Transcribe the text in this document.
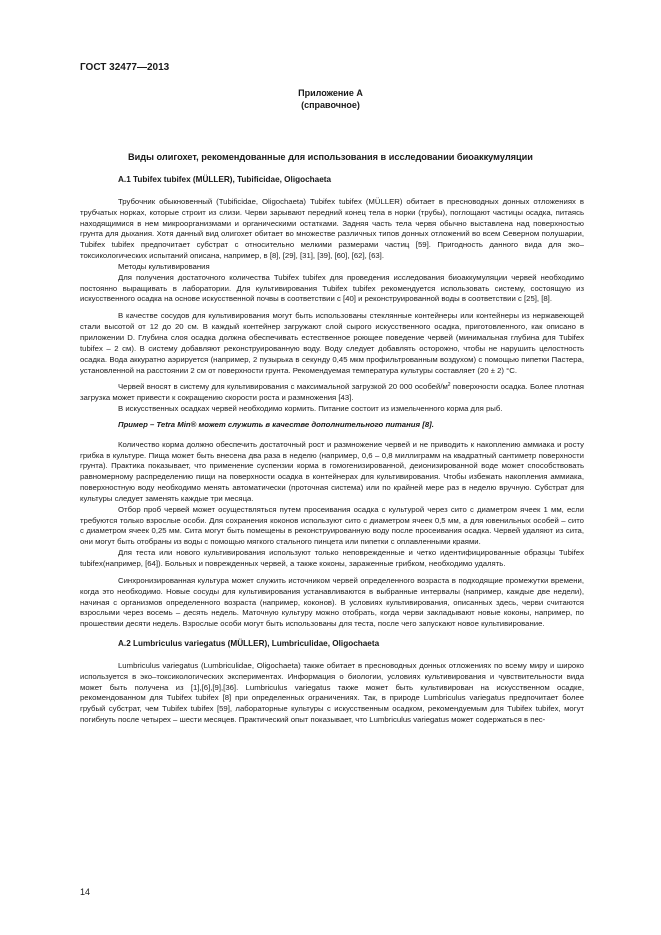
ГОСТ 32477—2013
Приложение А
(справочное)
Виды олигохет, рекомендованные для использования в исследовании биоаккумуляции

А.1 Tubifex tubifex (MÜLLER), Tubificidae, Oligochaeta

Трубочник обыкновенный (Tubificidae, Oligochaeta) Tubifex tubifex (MÜLLER) обитает в пресноводных донных отложениях в трубчатых норках, которые строит из слизи. Черви зарывают передний конец тела в норки (трубы), поглощают частицы осадка, питаясь находящимися в нем микроорганизмами и органическими остатками. Задняя часть тела червя обычно выставлена над поверхностью грунта для дыхания. Хотя данный вид олигохет обитает во множестве различных типов донных отложений во всем Северном полушарии, Tubifex tubifex предпочитает субстрат с относительно мелкими размерами частиц [59]. Пригодность данного вида для эко–токсикологических испытаний описана, например, в [8], [29], [31], [39], [60], [62], [63].

Методы культивирования

Для получения достаточного количества Tubifex tubifex для проведения исследования биоаккумуляции червей необходимо постоянно выращивать в лаборатории. Для культивирования Tubifex tubifex рекомендуется использовать систему, состоящую из искусственного осадка на основе искусственной почвы в соответствии с [40] и реконструированной воды в соответствии с [25], [8].

В качестве сосудов для культивирования могут быть использованы стеклянные контейнеры или контейнеры из нержавеющей стали высотой от 12 до 20 см. В каждый контейнер загружают слой сырого искусственного осадка, приготовленного, как описано в приложении D. Глубина слоя осадка должна обеспечивать естественное роющее поведение червей (минимальная глубина для Tubifex tubifex – 2 см). В систему добавляют реконструированную воду. Воду следует добавлять осторожно, чтобы не нарушить целостность осадка. Вода аккуратно аэрируется (например, 2 пузырька в секунду 0,45 мкм профильтрованным воздухом) с помощью пипетки Пастера, установленной на расстоянии 2 см от поверхности грунта. Рекомендуемая температура культуры составляет (20 ± 2) °С.

Червей вносят в систему для культивирования с максимальной загрузкой 20 000 особей/$м^2$ поверхности осадка. Более плотная загрузка может привести к сокращению скорости роста и размножения [43].

В искусственных осадках червей необходимо кормить. Питание состоит из измельченного корма для рыб.

Пример – Tetra Min® может служить в качестве дополнительного питания [8].

Количество корма должно обеспечить достаточный рост и размножение червей и не приводить к накоплению аммиака и росту грибка в культуре. Пища может быть внесена два раза в неделю (например, 0,6 – 0,8 миллиграмм на квадратный сантиметр поверхности грунта). Практика показывает, что применение суспензии корма в гомогенизированной, деионизированной воде может способствовать равномерному распределению пищи на поверхности осадка в контейнерах для культивирования. Чтобы избежать накопления аммиака, поверхностную воду необходимо менять автоматически (проточная система) или по крайней мере раз в неделю вручную. Субстрат для культуры следует заменять каждые три месяца.

Отбор проб червей может осуществляться путем просеивания осадка с культурой через сито с диаметром ячеек 1 мм, если требуются только взрослые особи. Для сохранения коконов используют сито с диаметром ячеек 0,5 мм, а для ювенильных особей – сито с диаметром ячеек 0,25 мм. Сита могут быть помещены в реконструированную воду после просеивания осадка. Червей удаляют из сита, они могут быть отобраны из воды с помощью мягкого стального пинцета или пипетки с оплавленными краями.

Для теста или нового культивирования используют только неповрежденные и четко идентифицированные образцы Tubifex tubifex(например, [64]). Больных и поврежденных червей, а также коконы, зараженные грибком, необходимо удалять.

Синхронизированная культура может служить источником червей определенного возраста в подходящие промежутки времени, когда это необходимо. Новые сосуды для культивирования устанавливаются в выбранные интервалы (например, каждые две недели), начиная с организмов определенного возраста (например, коконов). В условиях культивирования, описанных здесь, черви считаются взрослыми через восемь – десять недель. Маточную культуру можно отобрать, когда черви закладывают новые коконы, например, по прошествии десяти недель. Взрослые особи могут быть использованы для теста, после чего запускают новое культивирование.

А.2 Lumbriculus variegatus (MÜLLER), Lumbriculidae, Oligochaeta

Lumbriculus variegatus (Lumbriculidae, Oligochaeta) также обитает в пресноводных донных отложениях по всему миру и широко используется в эко–токсикологических экспериментах. Информация о биологии, условиях культивирования и чувствительности вида может быть получена из [1],[6],[9],[36]. Lumbriculus variegatus также может быть культивирован на искусственном осадке, рекомендованном для Tubifex tubifex [8] при определенных ограничениях. Так, в природе Lumbriculus variegatus предпочитает более грубый субстрат, чем Tubifex tubifex [59], лабораторные культуры с искусственным осадком, рекомендуемым для Tubifex tubifex, могут погибнуть после четырех – шести месяцев. Практический опыт показывает, что Lumbriculus variegatus может содержаться в пес-

14
